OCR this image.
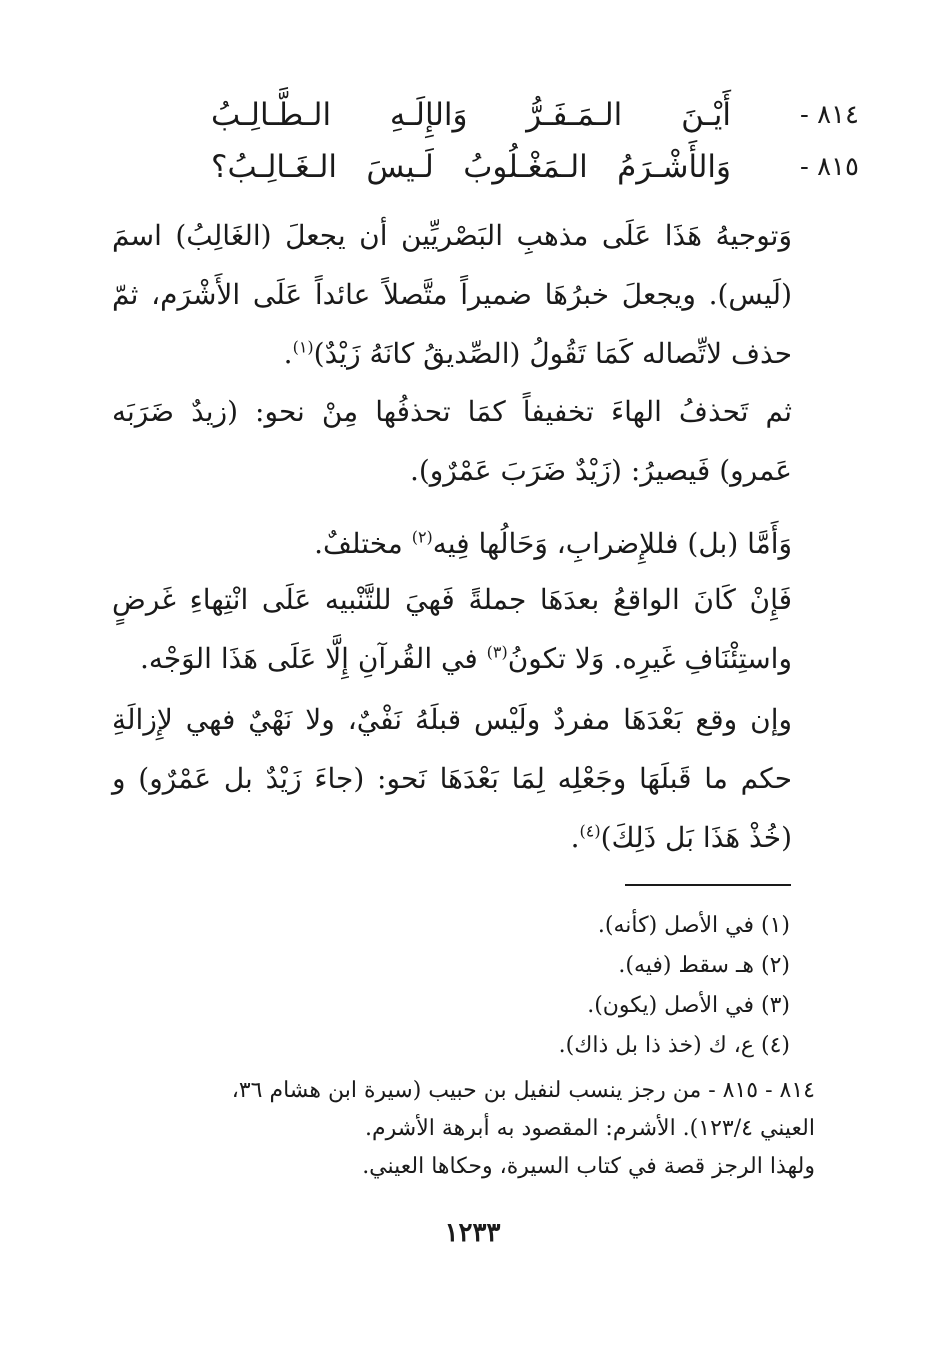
٨١٤ -
أَيْـنَ الـمَـفَـرُّ وَالإِلَـهِ الـطَّـالِـبُ
٨١٥ -
وَالأَشْـرَمُ الـمَغْـلُوبُ لَـيسَ الـغَـالِـبُ؟

وَتوجيهُ هَذَا عَلَى مذهبِ البَصْريِّين أن يجعلَ (الغَالِبُ) اسمَ (لَيس). ويجعلَ خبرُهَا ضميراً متَّصلاً عائداً عَلَى الأَشْرَم، ثمّ حذف لاتِّصاله كَمَا تَقُولُ (الصِّديقُ كانَهُ زَيْدٌ)$^{(١)}$.

ثم تَحذفُ الهاءَ تخفيفاً كمَا تحذفُها مِنْ نحو: (زيدٌ ضَرَبَه عَمرو) فَيصيرُ: (زَيْدٌ ضَرَبَ عَمْرٌو).

وَأَمَّا (بل) فللإِضرابِ، وَحَالُها فِيه$^{(٢)}$ مختلفٌ.

فَإِنْ كَانَ الواقعُ بعدَهَا جملةً فَهيَ للتَّنْبيه عَلَى انْتِهاءِ غَرضٍ واستِئْنَافِ غَيرِه. وَلا تكونُ$^{(٣)}$ في القُرآنِ إِلَّا عَلَى هَذَا الوَجْه.

وإن وقع بَعْدَهَا مفردٌ ولَيْس قبلَهُ نَفْيٌ، ولا نَهْيٌ فهي لإِزالَةِ حكم ما قَبلَهَا وجَعْلِه لِمَا بَعْدَهَا نَحو: (جاءَ زَيْدٌ بل عَمْرٌو) و (خُذْ هَذَا بَل ذَلِكَ)$^{(٤)}$.

(١) في الأصل (كأنه).
(٢) هـ سقط (فيه).
(٣) في الأصل (يكون).
(٤) ع، ك (خذ ذا بل ذاك).
٨١٤ - ٨١٥ - من رجز ينسب لنفيل بن حبيب (سيرة ابن هشام ٣٦،
العيني ١٢٣/٤). الأشرم: المقصود به أبرهة الأشرم.
ولهذا الرجز قصة في كتاب السيرة، وحكاها العيني.
١٢٣٣
